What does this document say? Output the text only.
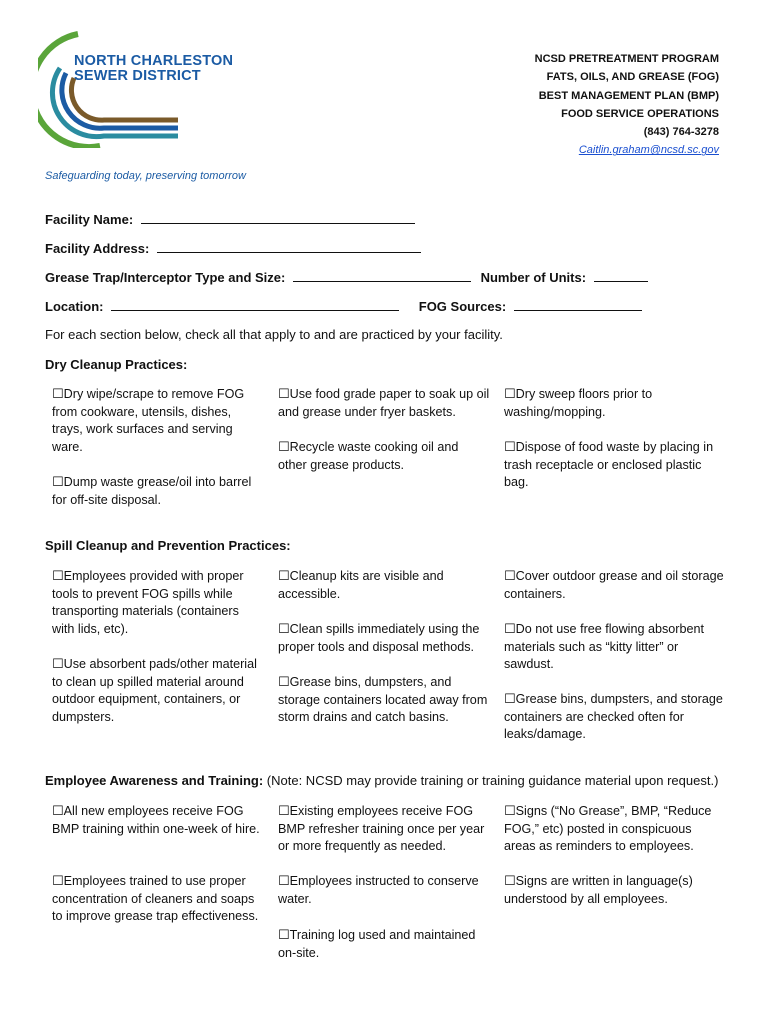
NORTH CHARLESTON
SEWER DISTRICT
Safeguarding today, preserving tomorrow
NCSD PRETREATMENT PROGRAM
FATS, OILS, AND GREASE (FOG)
BEST MANAGEMENT PLAN (BMP)
FOOD SERVICE OPERATIONS
(843) 764-3278
Caitlin.graham@ncsd.sc.gov
Facility Name:
Facility Address:
Grease Trap/Interceptor Type and Size:	Number of Units:
Location:	FOG Sources:
For each section below, check all that apply to and are practiced by your facility.
Dry Cleanup Practices:
☐Dry wipe/scrape to remove FOG from cookware, utensils, dishes, trays, work surfaces and serving ware.
☐Dump waste grease/oil into barrel for off-site disposal.
☐Use food grade paper to soak up oil and grease under fryer baskets.
☐Recycle waste cooking oil and other grease products.
☐Dry sweep floors prior to washing/mopping.
☐Dispose of food waste by placing in trash receptacle or enclosed plastic bag.
Spill Cleanup and Prevention Practices:
☐Employees provided with proper tools to prevent FOG spills while transporting materials (containers with lids, etc).
☐Use absorbent pads/other material to clean up spilled material around outdoor equipment, containers, or dumpsters.
☐Cleanup kits are visible and accessible.
☐Clean spills immediately using the proper tools and disposal methods.
☐Grease bins, dumpsters, and storage containers located away from storm drains and catch basins.
☐Cover outdoor grease and oil storage containers.
☐Do not use free flowing absorbent materials such as “kitty litter” or sawdust.
☐Grease bins, dumpsters, and storage containers are checked often for leaks/damage.
Employee Awareness and Training: (Note: NCSD may provide training or training guidance material upon request.)
☐All new employees receive FOG BMP training within one-week of hire.
☐Employees trained to use proper concentration of cleaners and soaps to improve grease trap effectiveness.
☐Existing employees receive FOG BMP refresher training once per year or more frequently as needed.
☐Employees instructed to conserve water.
☐Training log used and maintained on-site.
☐Signs (“No Grease”, BMP, “Reduce FOG,” etc) posted in conspicuous areas as reminders to employees.
☐Signs are written in language(s) understood by all employees.
